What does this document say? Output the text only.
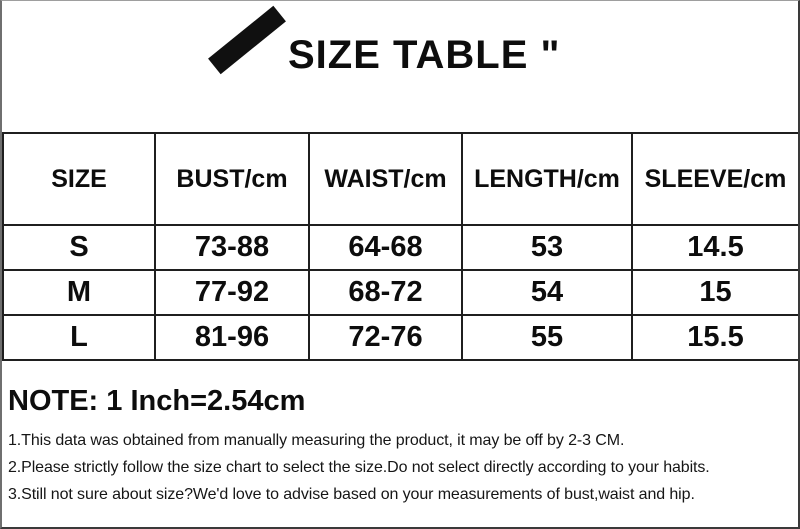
SIZE TABLE "
SIZE	BUST/cm	WAIST/cm	LENGTH/cm	SLEEVE/cm
S	73-88	64-68	53	14.5
M	77-92	68-72	54	15
L	81-96	72-76	55	15.5
NOTE: 1 Inch=2.54cm

1.This data was obtained from manually measuring the product, it may be off by 2-3 CM.

2.Please strictly follow the size chart to select the size.Do not select directly according to your habits.

3.Still not sure about size?We'd love to advise based on your measurements of bust,waist and hip.
